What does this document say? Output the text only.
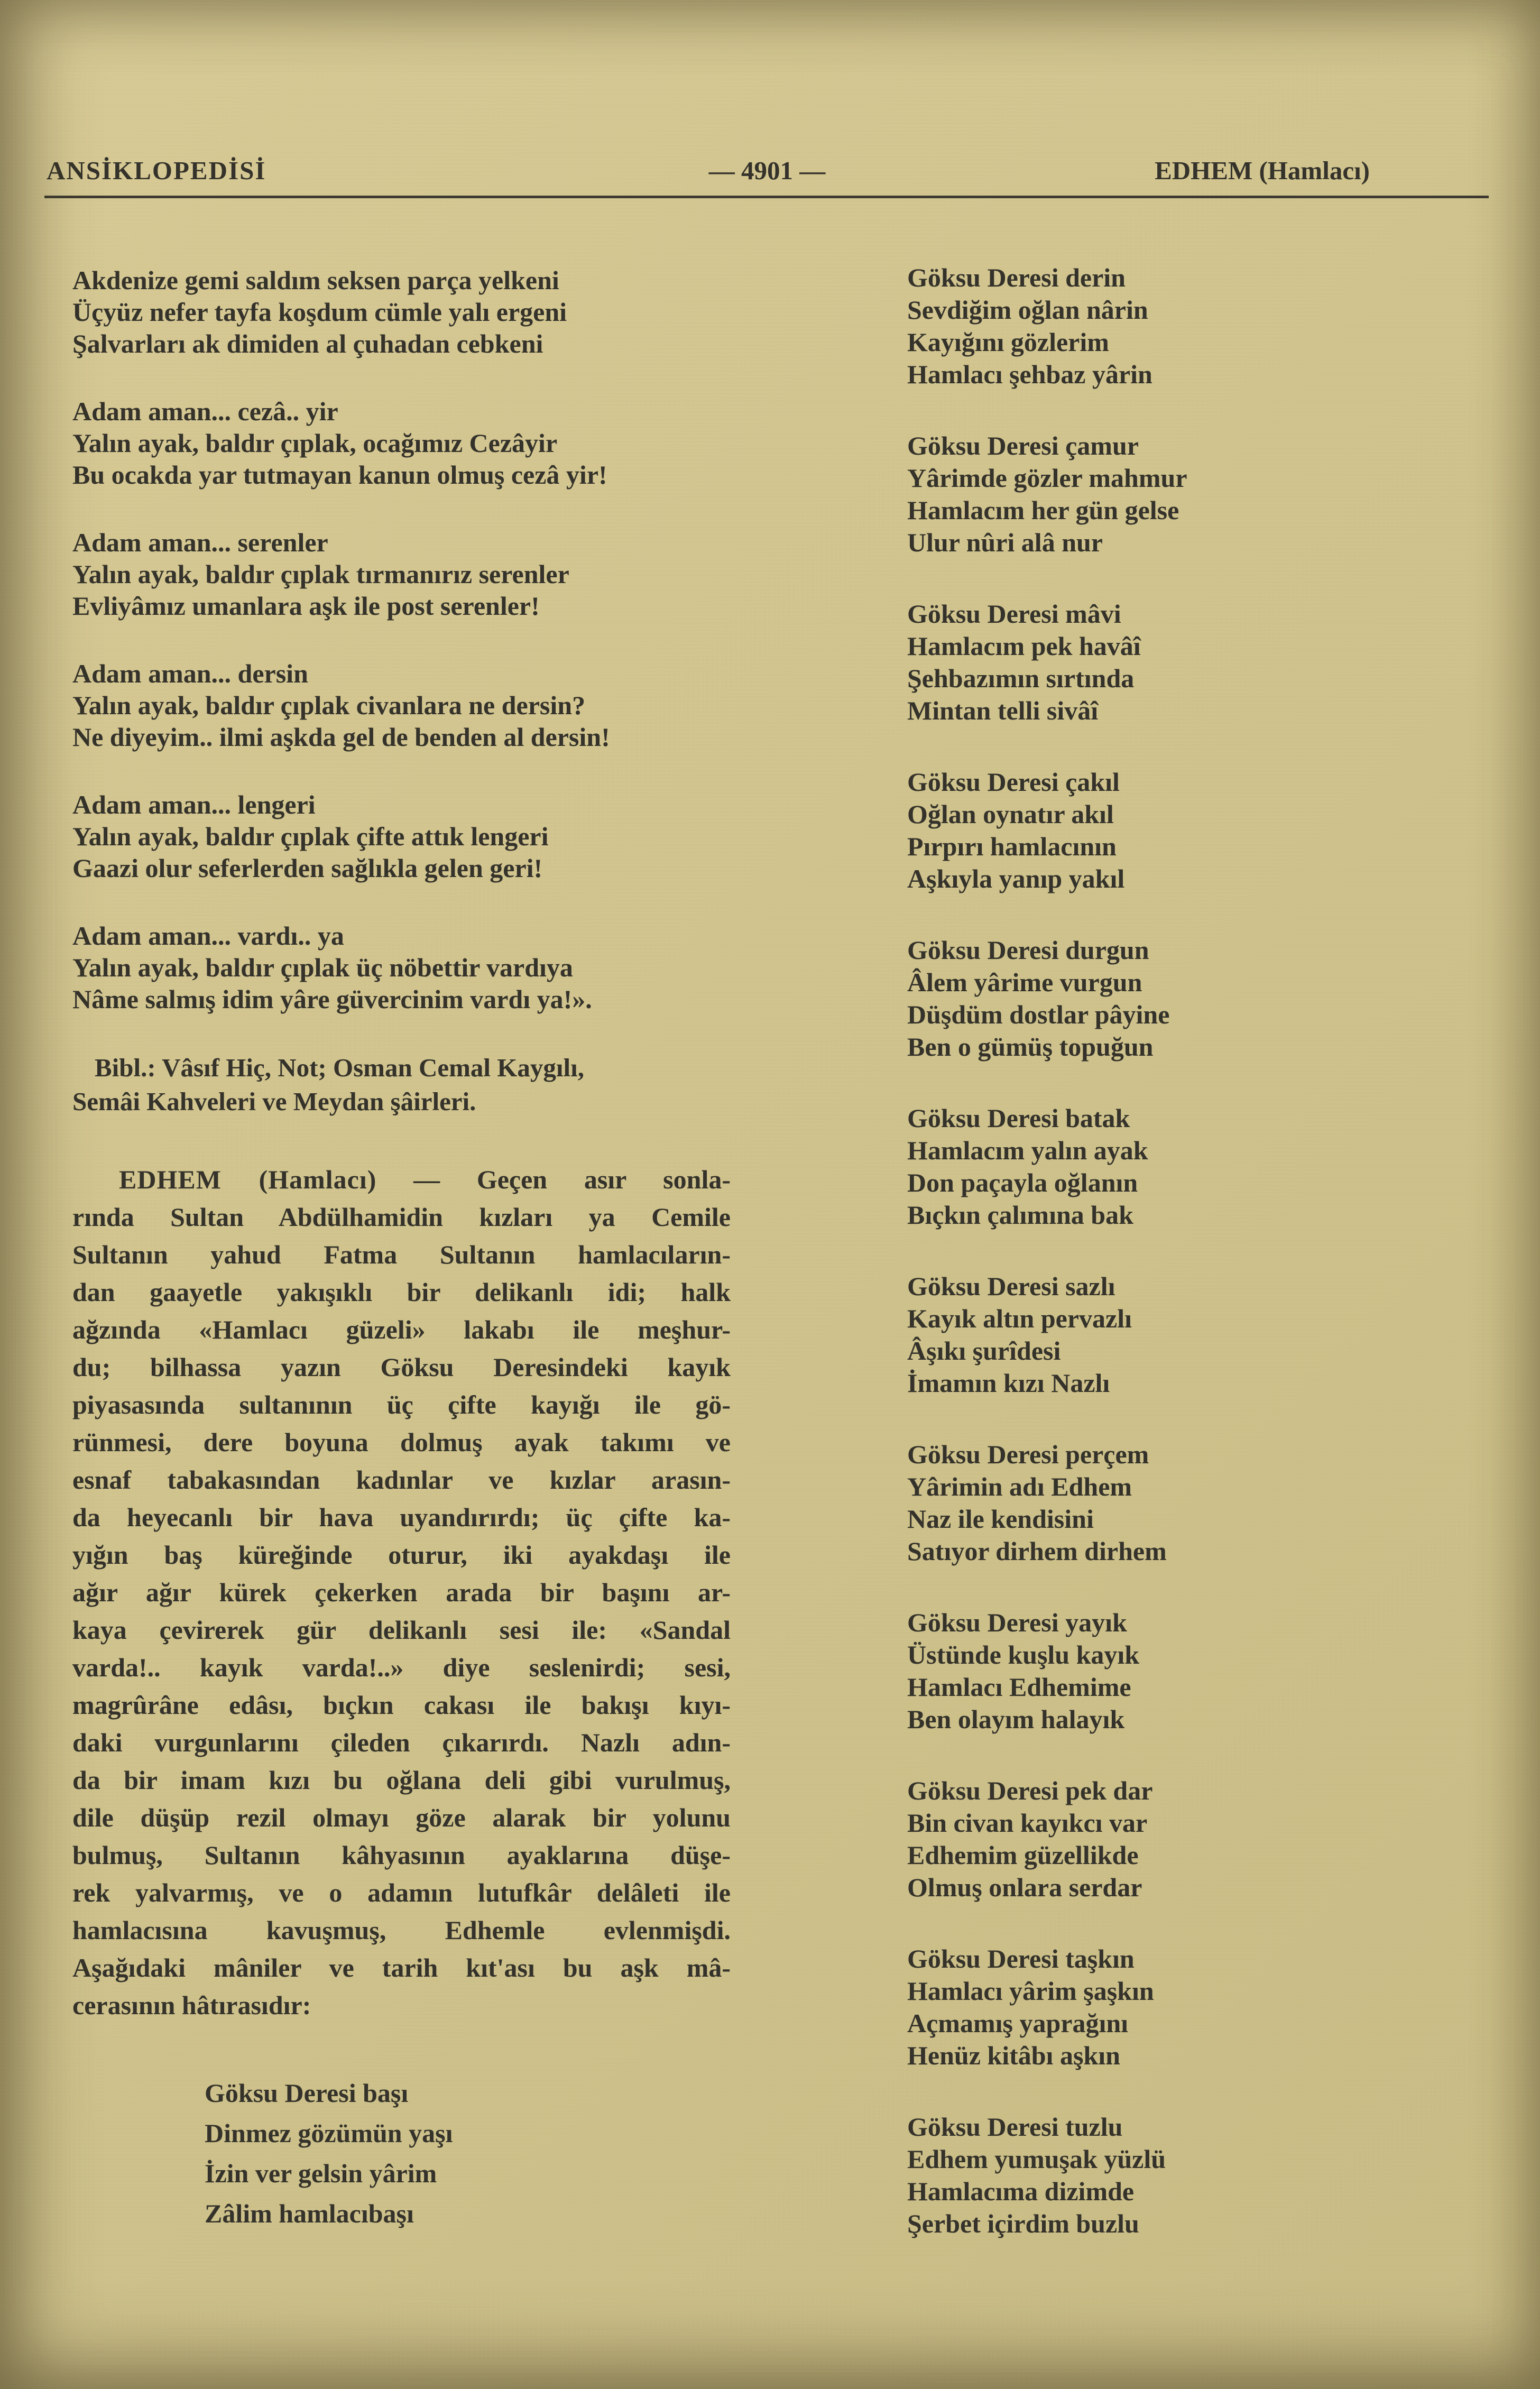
ANSİKLOPEDİSİ	— 4901 —	EDHEM (Hamlacı)
Akdenize gemi saldım seksen parça yelkeni
Üçyüz nefer tayfa koşdum cümle yalı ergeni
Şalvarları ak dimiden al çuhadan cebkeni
Adam aman... cezâ.. yir
Yalın ayak, baldır çıplak, ocağımız Cezâyir
Bu ocakda yar tutmayan kanun olmuş cezâ yir!
Adam aman... serenler
Yalın ayak, baldır çıplak tırmanırız serenler
Evliyâmız umanlara aşk ile post serenler!
Adam aman... dersin
Yalın ayak, baldır çıplak civanlara ne dersin?
Ne diyeyim.. ilmi aşkda gel de benden al dersin!
Adam aman... lengeri
Yalın ayak, baldır çıplak çifte attık lengeri
Gaazi olur seferlerden sağlıkla gelen geri!
Adam aman... vardı.. ya
Yalın ayak, baldır çıplak üç nöbettir vardıya
Nâme salmış idim yâre güvercinim vardı ya!».
Bibl.: Vâsıf Hiç, Not; Osman Cemal Kaygılı,
Semâi Kahveleri ve Meydan şâirleri.
EDHEM (Hamlacı) — Geçen asır sonla-
rında Sultan Abdülhamidin kızları ya Cemile
Sultanın yahud Fatma Sultanın hamlacıların-
dan gaayetle yakışıklı bir delikanlı idi; halk
ağzında «Hamlacı güzeli» lakabı ile meşhur-
du; bilhassa yazın Göksu Deresindeki kayık
piyasasında sultanının üç çifte kayığı ile gö-
rünmesi, dere boyuna dolmuş ayak takımı ve
esnaf tabakasından kadınlar ve kızlar arasın-
da heyecanlı bir hava uyandırırdı; üç çifte ka-
yığın baş küreğinde oturur, iki ayakdaşı ile
ağır ağır kürek çekerken arada bir başını ar-
kaya çevirerek gür delikanlı sesi ile: «Sandal
varda!.. kayık varda!..» diye seslenirdi; sesi,
magrûrâne edâsı, bıçkın cakası ile bakışı kıyı-
daki vurgunlarını çileden çıkarırdı. Nazlı adın-
da bir imam kızı bu oğlana deli gibi vurulmuş,
dile düşüp rezil olmayı göze alarak bir yolunu
bulmuş, Sultanın kâhyasının ayaklarına düşe-
rek yalvarmış, ve o adamın lutufkâr delâleti ile
hamlacısına kavuşmuş, Edhemle evlenmişdi.
Aşağıdaki mâniler ve tarih kıt'ası bu aşk mâ-
cerasının hâtırasıdır:
Göksu Deresi başı
Dinmez gözümün yaşı
İzin ver gelsin yârim
Zâlim hamlacıbaşı
Göksu Deresi derin
Sevdiğim oğlan nârin
Kayığını gözlerim
Hamlacı şehbaz yârin
Göksu Deresi çamur
Yârimde gözler mahmur
Hamlacım her gün gelse
Ulur nûri alâ nur
Göksu Deresi mâvi
Hamlacım pek havâî
Şehbazımın sırtında
Mintan telli sivâî
Göksu Deresi çakıl
Oğlan oynatır akıl
Pırpırı hamlacının
Aşkıyla yanıp yakıl
Göksu Deresi durgun
Âlem yârime vurgun
Düşdüm dostlar pâyine
Ben o gümüş topuğun
Göksu Deresi batak
Hamlacım yalın ayak
Don paçayla oğlanın
Bıçkın çalımına bak
Göksu Deresi sazlı
Kayık altın pervazlı
Âşıkı şurîdesi
İmamın kızı Nazlı
Göksu Deresi perçem
Yârimin adı Edhem
Naz ile kendisini
Satıyor dirhem dirhem
Göksu Deresi yayık
Üstünde kuşlu kayık
Hamlacı Edhemime
Ben olayım halayık
Göksu Deresi pek dar
Bin civan kayıkcı var
Edhemim güzellikde
Olmuş onlara serdar
Göksu Deresi taşkın
Hamlacı yârim şaşkın
Açmamış yaprağını
Henüz kitâbı aşkın
Göksu Deresi tuzlu
Edhem yumuşak yüzlü
Hamlacıma dizimde
Şerbet içirdim buzlu
